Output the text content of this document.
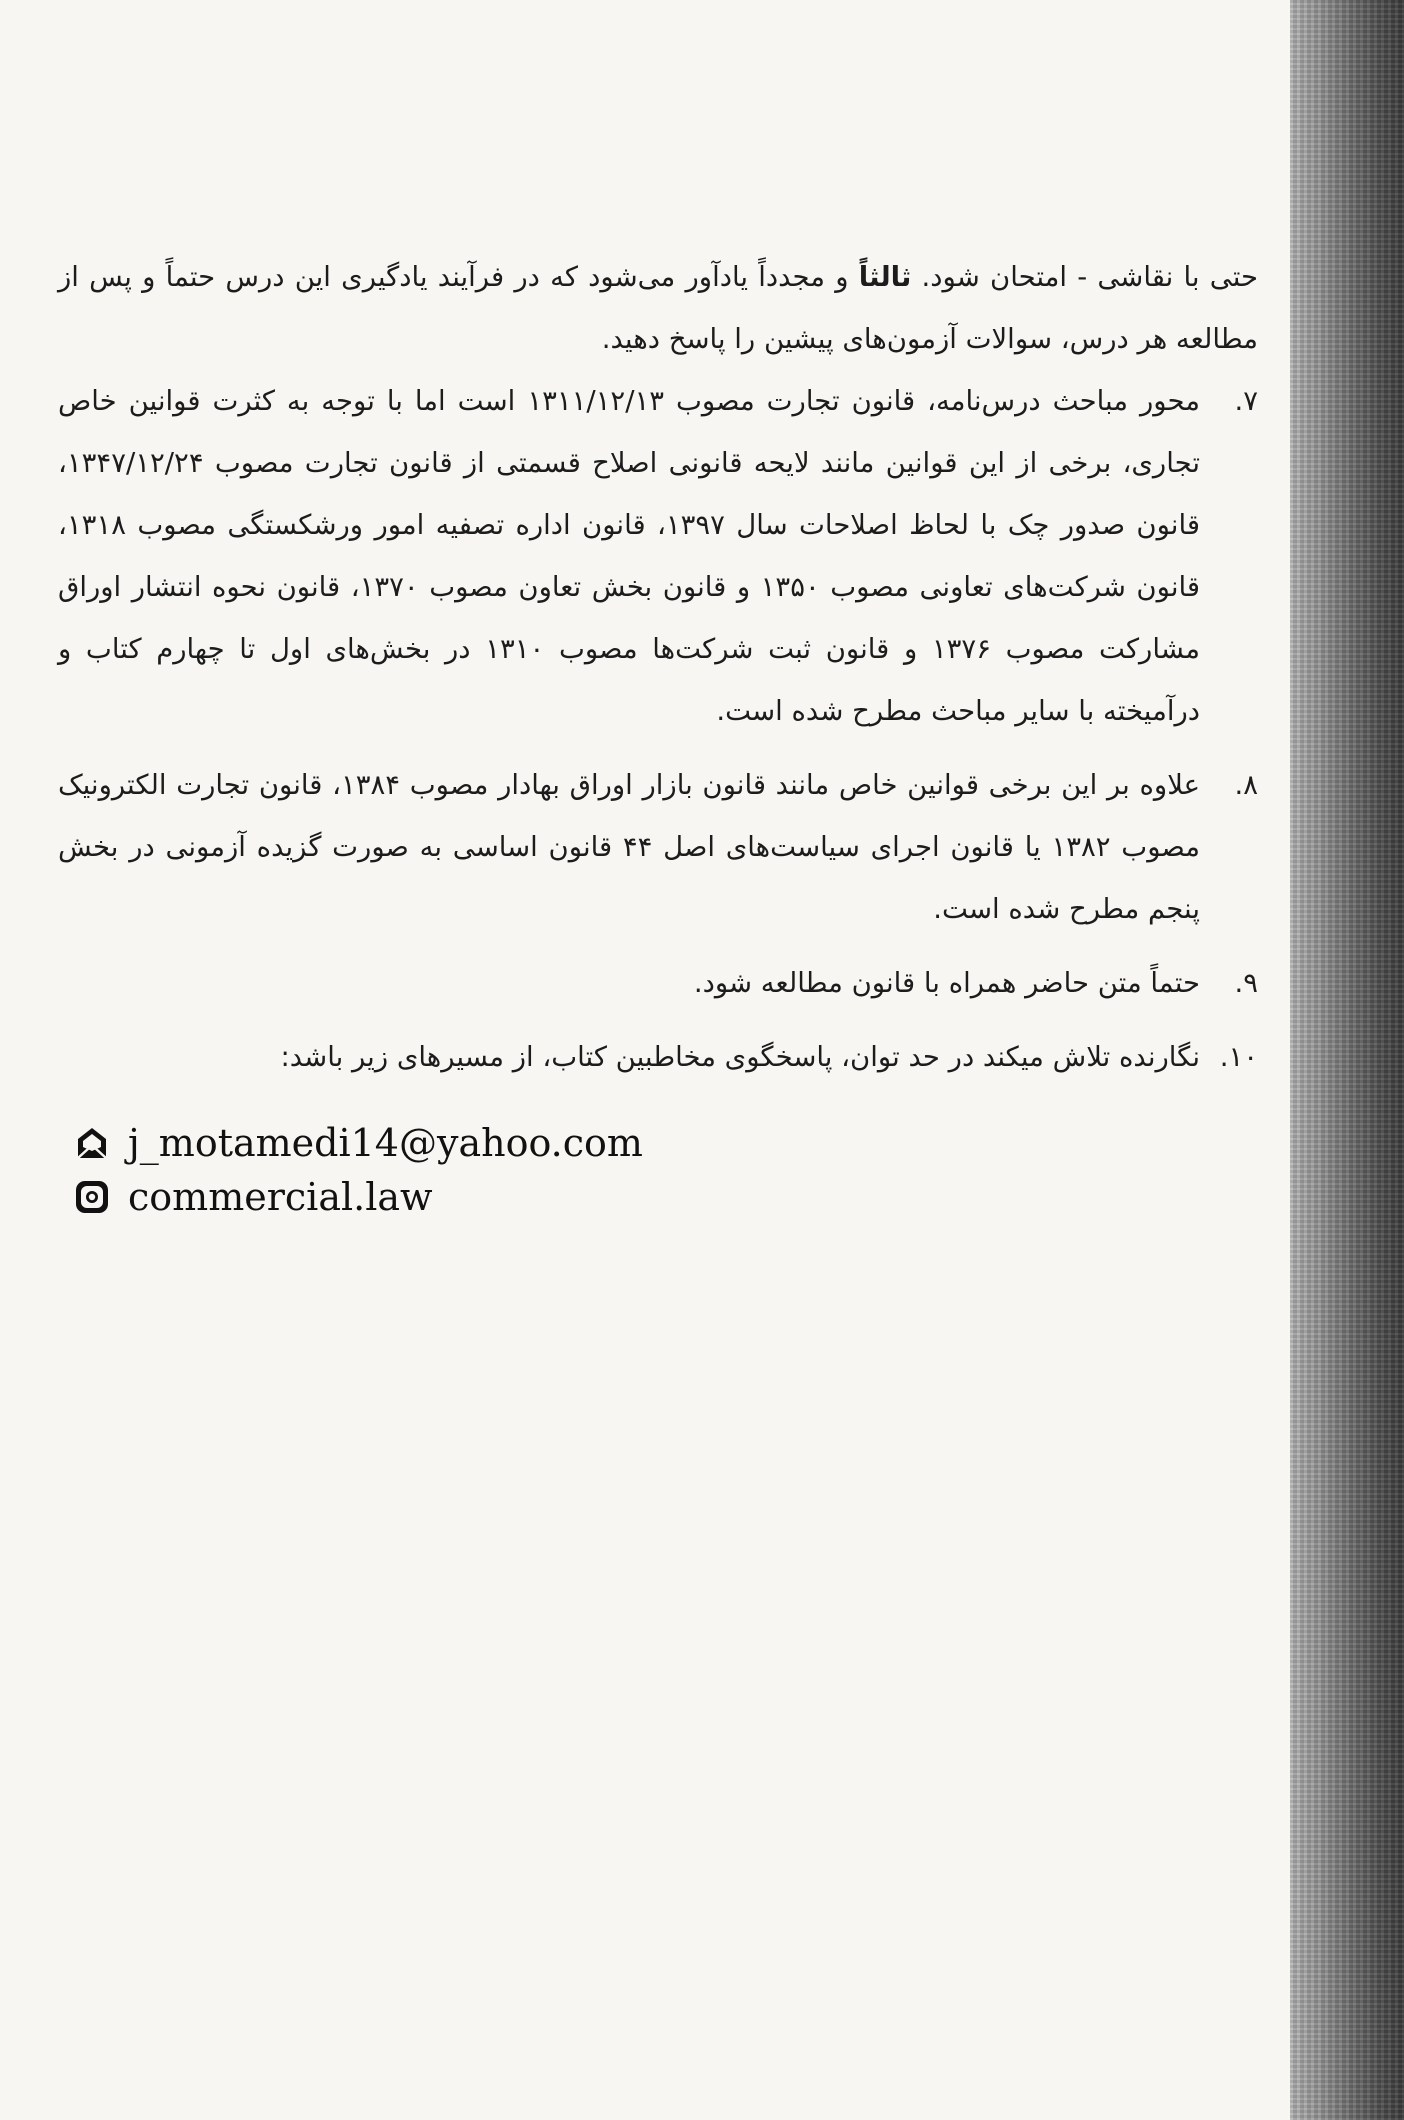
حتی با نقاشی - امتحان شود. ثالثاً و مجدداً یادآور می‌شود که در فرآیند یادگیری این درس حتماً و پس از مطالعه هر درس، سوالات آزمون‌های پیشین را پاسخ دهید.

۷.
محور مباحث درس‌نامه، قانون تجارت مصوب ۱۳۱۱/۱۲/۱۳ است اما با توجه به کثرت قوانین خاص تجاری، برخی از این قوانین مانند لایحه قانونی اصلاح قسمتی از قانون تجارت مصوب ۱۳۴۷/۱۲/۲۴، قانون صدور چک با لحاظ اصلاحات سال ۱۳۹۷، قانون اداره تصفیه امور ورشکستگی مصوب ۱۳۱۸، قانون شرکت‌های تعاونی مصوب ۱۳۵۰ و قانون بخش تعاون مصوب ۱۳۷۰، قانون نحوه انتشار اوراق مشارکت مصوب ۱۳۷۶ و قانون ثبت شرکت‌ها مصوب ۱۳۱۰ در بخش‌های اول تا چهارم کتاب و درآمیخته با سایر مباحث مطرح شده است.
۸.
علاوه بر این برخی قوانین خاص مانند قانون بازار اوراق بهادار مصوب ۱۳۸۴، قانون تجارت الکترونیک مصوب ۱۳۸۲ یا قانون اجرای سیاست‌های اصل ۴۴ قانون اساسی به صورت گزیده آزمونی در بخش پنجم مطرح شده است.
۹.
حتماً متن حاضر همراه با قانون مطالعه شود.
۱۰.
نگارنده تلاش میکند در حد توان، پاسخگوی مخاطبین کتاب، از مسیرهای زیر باشد:
j_motamedi14@yahoo.com
commercial.law
